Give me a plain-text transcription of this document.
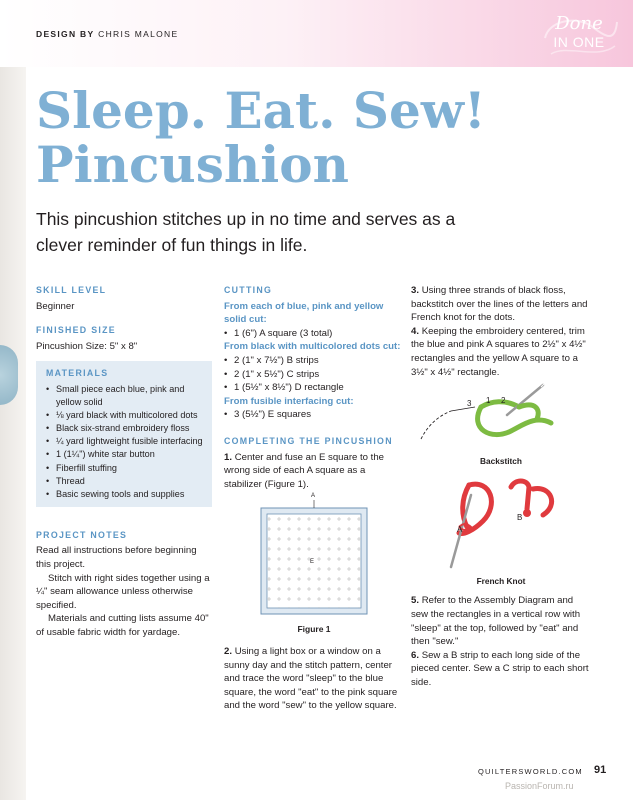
DESIGN BY CHRIS MALONE	Done
IN ONE
Sleep. Eat. Sew!
Pincushion
This pincushion stitches up in no time and serves as a clever reminder of fun things in life.
SKILL LEVEL

Beginner

FINISHED SIZE

Pincushion Size: 5" x 8"

MATERIALS
• Small piece each blue, pink and yellow solid
• ⅛ yard black with multicolored dots
• Black six-strand embroidery floss
• ¼ yard lightweight fusible interfacing
• 1 (1¼") white star button
• Fiberfill stuffing
• Thread
• Basic sewing tools and supplies
PROJECT NOTES

Read all instructions before beginning this project.

Stitch with right sides together using a ¼" seam allowance unless otherwise specified.

Materials and cutting lists assume 40" of usable fabric width for yardage.

CUTTING
From each of blue, pink and yellow solid cut:
• 1 (6") A square (3 total)
From black with multicolored dots cut:
• 2 (1" x 7½") B strips
• 2 (1" x 5½") C strips
• 1 (5½" x 8½") D rectangle
From fusible interfacing cut:
• 3 (5½") E squares
COMPLETING THE PINCUSHION

1. Center and fuse an E square to the wrong side of each A square as a stabilizer (Figure 1).

A
E
Figure 1

2. Using a light box or a window on a sunny day and the stitch pattern, center and trace the word "sleep" to the blue square, the word "eat" to the pink square and the word "sew" to the yellow square.

3. Using three strands of black floss, backstitch over the lines of the letters and French knot for the dots.

4. Keeping the embroidery centered, trim the blue and pink A squares to 2½" x 4½" rectangles and the yellow A square to a 3½" x 4½" rectangle.

3 1 2
Backstitch
A
B
French Knot

5. Refer to the Assembly Diagram and sew the rectangles in a vertical row with "sleep" at the top, followed by "eat" and then "sew."

6. Sew a B strip to each long side of the pieced center. Sew a C strip to each short side.

QUILTERSWORLD.COM 91
PassionForum.ru
